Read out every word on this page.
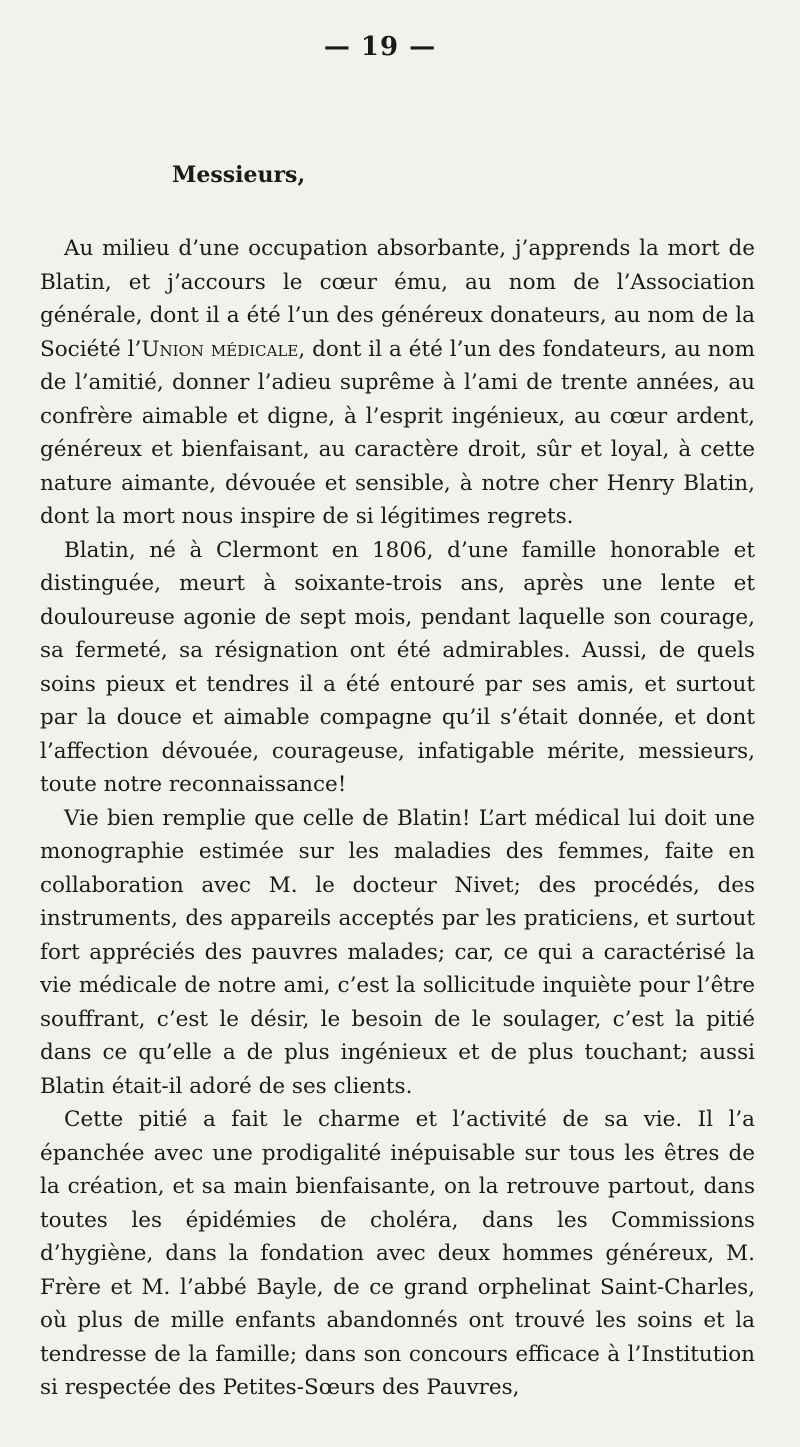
— 19 —
Messieurs,

Au milieu d’une occupation absorbante, j’apprends la mort de Blatin, et j’accours le cœur ému, au nom de l’Association générale, dont il a été l’un des généreux donateurs, au nom de la Société l’Union médicale, dont il a été l’un des fondateurs, au nom de l’amitié, donner l’adieu suprême à l’ami de trente années, au confrère aimable et digne, à l’esprit ingénieux, au cœur ardent, généreux et bienfaisant, au caractère droit, sûr et loyal, à cette nature aimante, dévouée et sensible, à notre cher Henry Blatin, dont la mort nous inspire de si légitimes regrets.

Blatin, né à Clermont en 1806, d’une famille honorable et distinguée, meurt à soixante-trois ans, après une lente et douloureuse agonie de sept mois, pendant laquelle son courage, sa fermeté, sa résignation ont été admirables. Aussi, de quels soins pieux et tendres il a été entouré par ses amis, et surtout par la douce et aimable compagne qu’il s’était donnée, et dont l’affection dévouée, courageuse, infatigable mérite, messieurs, toute notre reconnaissance!

Vie bien remplie que celle de Blatin! L’art médical lui doit une monographie estimée sur les maladies des femmes, faite en collaboration avec M. le docteur Nivet; des procédés, des instruments, des appareils acceptés par les praticiens, et surtout fort appréciés des pauvres malades; car, ce qui a caractérisé la vie médicale de notre ami, c’est la sollicitude inquiète pour l’être souffrant, c’est le désir, le besoin de le soulager, c’est la pitié dans ce qu’elle a de plus ingénieux et de plus touchant; aussi Blatin était-il adoré de ses clients.

Cette pitié a fait le charme et l’activité de sa vie. Il l’a épanchée avec une prodigalité inépuisable sur tous les êtres de la création, et sa main bienfaisante, on la retrouve partout, dans toutes les épidémies de choléra, dans les Commissions d’hygiène, dans la fondation avec deux hommes généreux, M. Frère et M. l’abbé Bayle, de ce grand orphelinat Saint-Charles, où plus de mille enfants abandonnés ont trouvé les soins et la tendresse de la famille; dans son concours efficace à l’Institution si respectée des Petites-Sœurs des Pauvres,
